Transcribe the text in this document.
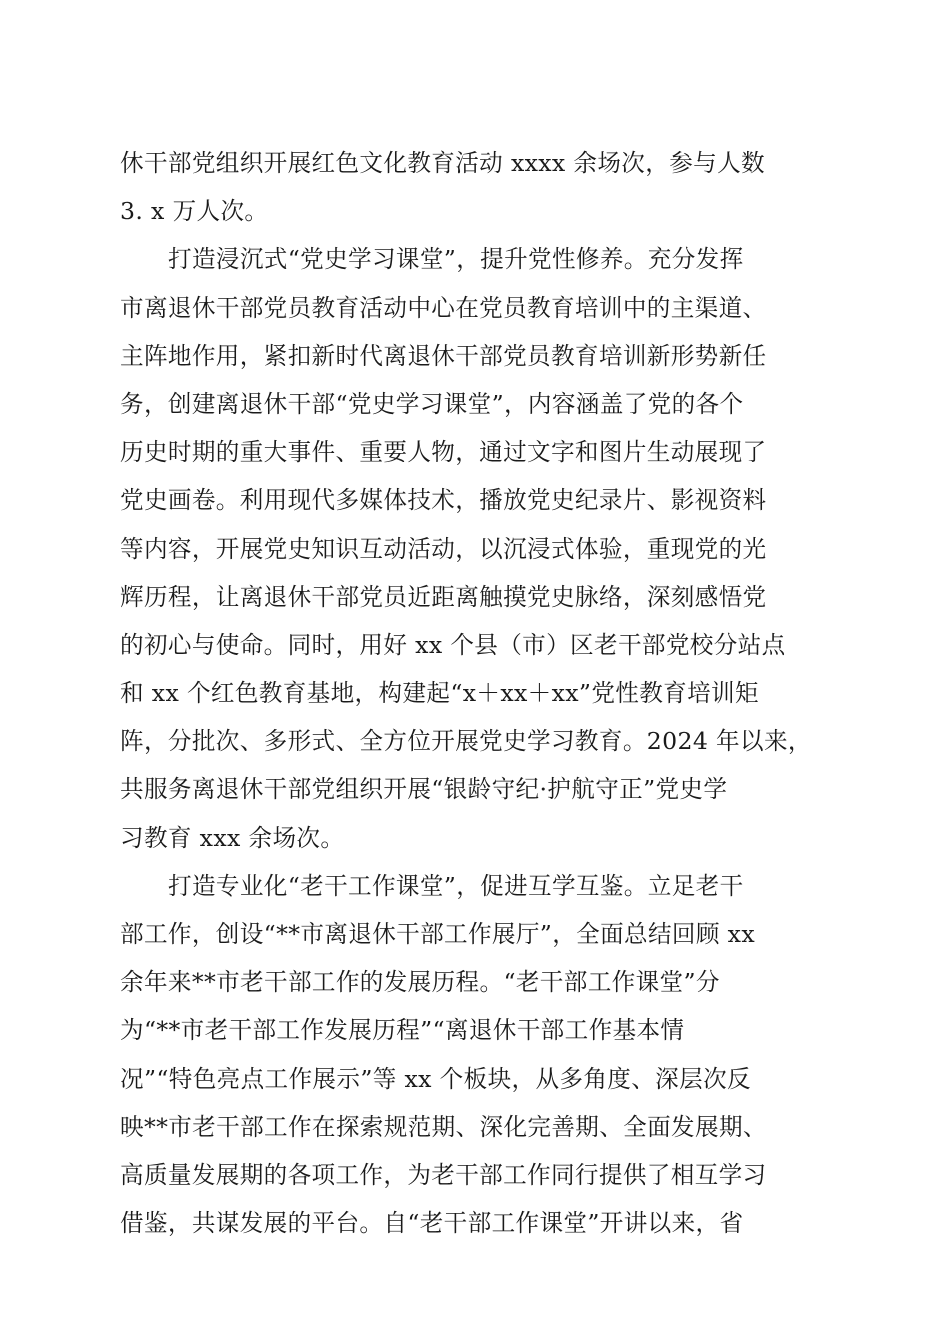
休干部党组织开展红色文化教育活动 xxxx 余场次，参与人数
3. x 万人次。
打造浸沉式“党史学习课堂”，提升党性修养。充分发挥
市离退休干部党员教育活动中心在党员教育培训中的主渠道、
主阵地作用，紧扣新时代离退休干部党员教育培训新形势新任
务，创建离退休干部“党史学习课堂”，内容涵盖了党的各个
历史时期的重大事件、重要人物，通过文字和图片生动展现了
党史画卷。利用现代多媒体技术，播放党史纪录片、影视资料
等内容，开展党史知识互动活动，以沉浸式体验，重现党的光
辉历程，让离退休干部党员近距离触摸党史脉络，深刻感悟党
的初心与使命。同时，用好 xx 个县（市）区老干部党校分站点
和 xx 个红色教育基地，构建起“x＋xx＋xx”党性教育培训矩
阵，分批次、多形式、全方位开展党史学习教育。2024 年以来，
共服务离退休干部党组织开展“银龄守纪·护航守正”党史学
习教育 xxx 余场次。
打造专业化“老干工作课堂”，促进互学互鉴。立足老干
部工作，创设“**市离退休干部工作展厅”，全面总结回顾 xx
余年来**市老干部工作的发展历程。“老干部工作课堂”分
为“**市老干部工作发展历程”“离退休干部工作基本情
况”“特色亮点工作展示”等 xx 个板块，从多角度、深层次反
映**市老干部工作在探索规范期、深化完善期、全面发展期、
高质量发展期的各项工作，为老干部工作同行提供了相互学习
借鉴，共谋发展的平台。自“老干部工作课堂”开讲以来，省
